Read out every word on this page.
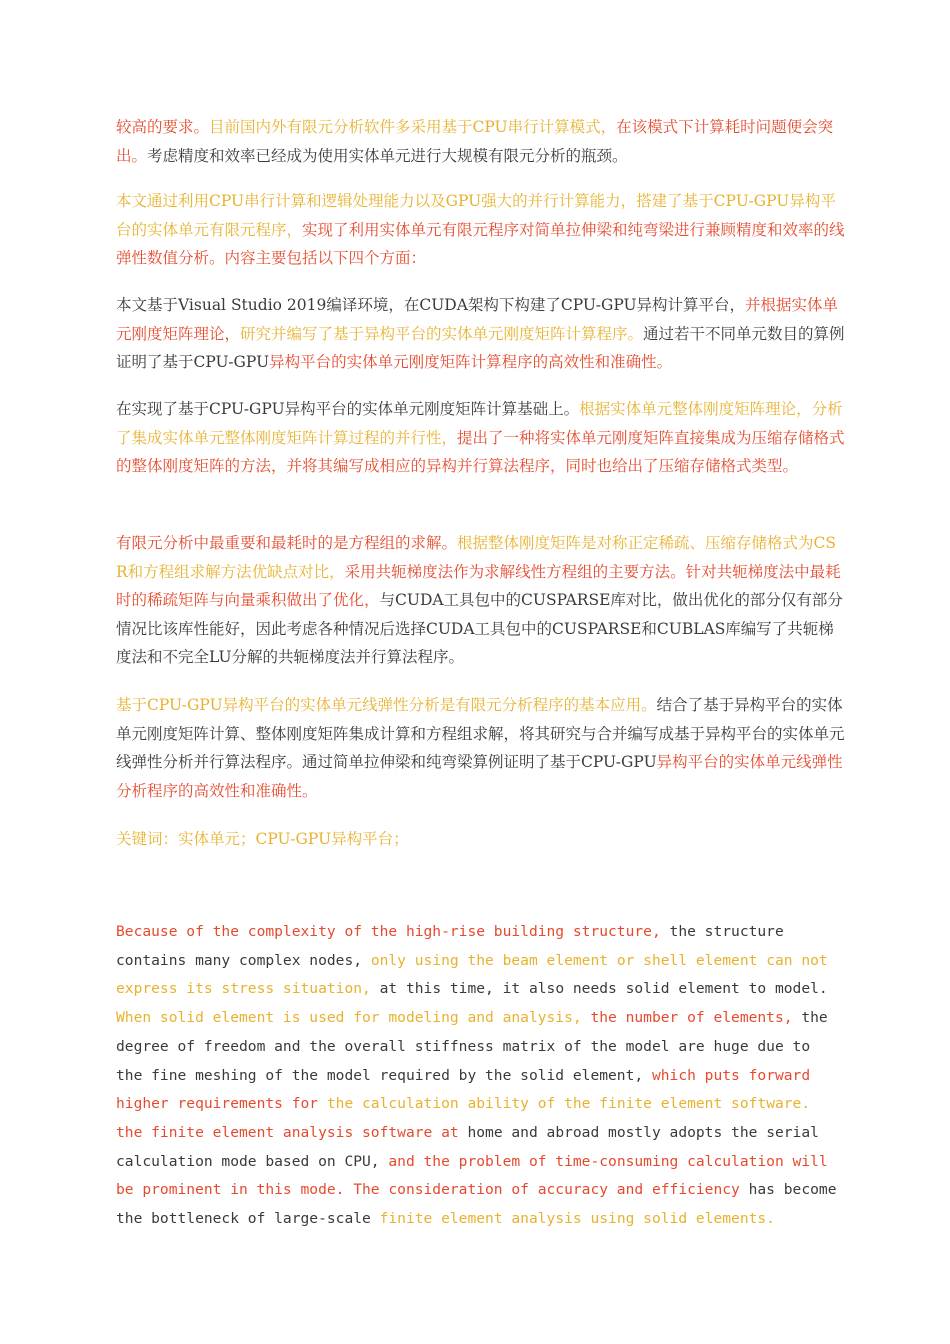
较高的要求。目前国内外有限元分析软件多采用基于CPU串行计算模式，在该模式下计算耗时问题便会突出。考虑精度和效率已经成为使用实体单元进行大规模有限元分析的瓶颈。

本文通过利用CPU串行计算和逻辑处理能力以及GPU强大的并行计算能力，搭建了基于CPU-GPU异构平台的实体单元有限元程序，实现了利用实体单元有限元程序对简单拉伸梁和纯弯梁进行兼顾精度和效率的线弹性数值分析。内容主要包括以下四个方面：

本文基于Visual Studio 2019编译环境，在CUDA架构下构建了CPU-GPU异构计算平台，并根据实体单元刚度矩阵理论，研究并编写了基于异构平台的实体单元刚度矩阵计算程序。通过若干不同单元数目的算例证明了基于CPU-GPU异构平台的实体单元刚度矩阵计算程序的高效性和准确性。

在实现了基于CPU-GPU异构平台的实体单元刚度矩阵计算基础上。根据实体单元整体刚度矩阵理论，分析了集成实体单元整体刚度矩阵计算过程的并行性，提出了一种将实体单元刚度矩阵直接集成为压缩存储格式的整体刚度矩阵的方法，并将其编写成相应的异构并行算法程序，同时也给出了压缩存储格式类型。

有限元分析中最重要和最耗时的是方程组的求解。根据整体刚度矩阵是对称正定稀疏、压缩存储格式为CSR和方程组求解方法优缺点对比，采用共轭梯度法作为求解线性方程组的主要方法。针对共轭梯度法中最耗时的稀疏矩阵与向量乘积做出了优化，与CUDA工具包中的CUSPARSE库对比，做出优化的部分仅有部分情况比该库性能好，因此考虑各种情况后选择CUDA工具包中的CUSPARSE和CUBLAS库编写了共轭梯度法和不完全LU分解的共轭梯度法并行算法程序。

基于CPU-GPU异构平台的实体单元线弹性分析是有限元分析程序的基本应用。结合了基于异构平台的实体单元刚度矩阵计算、整体刚度矩阵集成计算和方程组求解，将其研究与合并编写成基于异构平台的实体单元线弹性分析并行算法程序。通过简单拉伸梁和纯弯梁算例证明了基于CPU-GPU异构平台的实体单元线弹性分析程序的高效性和准确性。

关键词：实体单元；CPU-GPU异构平台；

Because of the complexity of the high-rise building structure, the structure contains many complex nodes, only using the beam element or shell element can not express its stress situation, at this time, it also needs solid element to model. When solid element is used for modeling and analysis, the number of elements, the degree of freedom and the overall stiffness matrix of the model are huge due to the fine meshing of the model required by the solid element, which puts forward higher requirements for the calculation ability of the finite element software. the finite element analysis software at home and abroad mostly adopts the serial calculation mode based on CPU, and the problem of time-consuming calculation will be prominent in this mode. The consideration of accuracy and efficiency has become the bottleneck of large-scale finite element analysis using solid elements.
